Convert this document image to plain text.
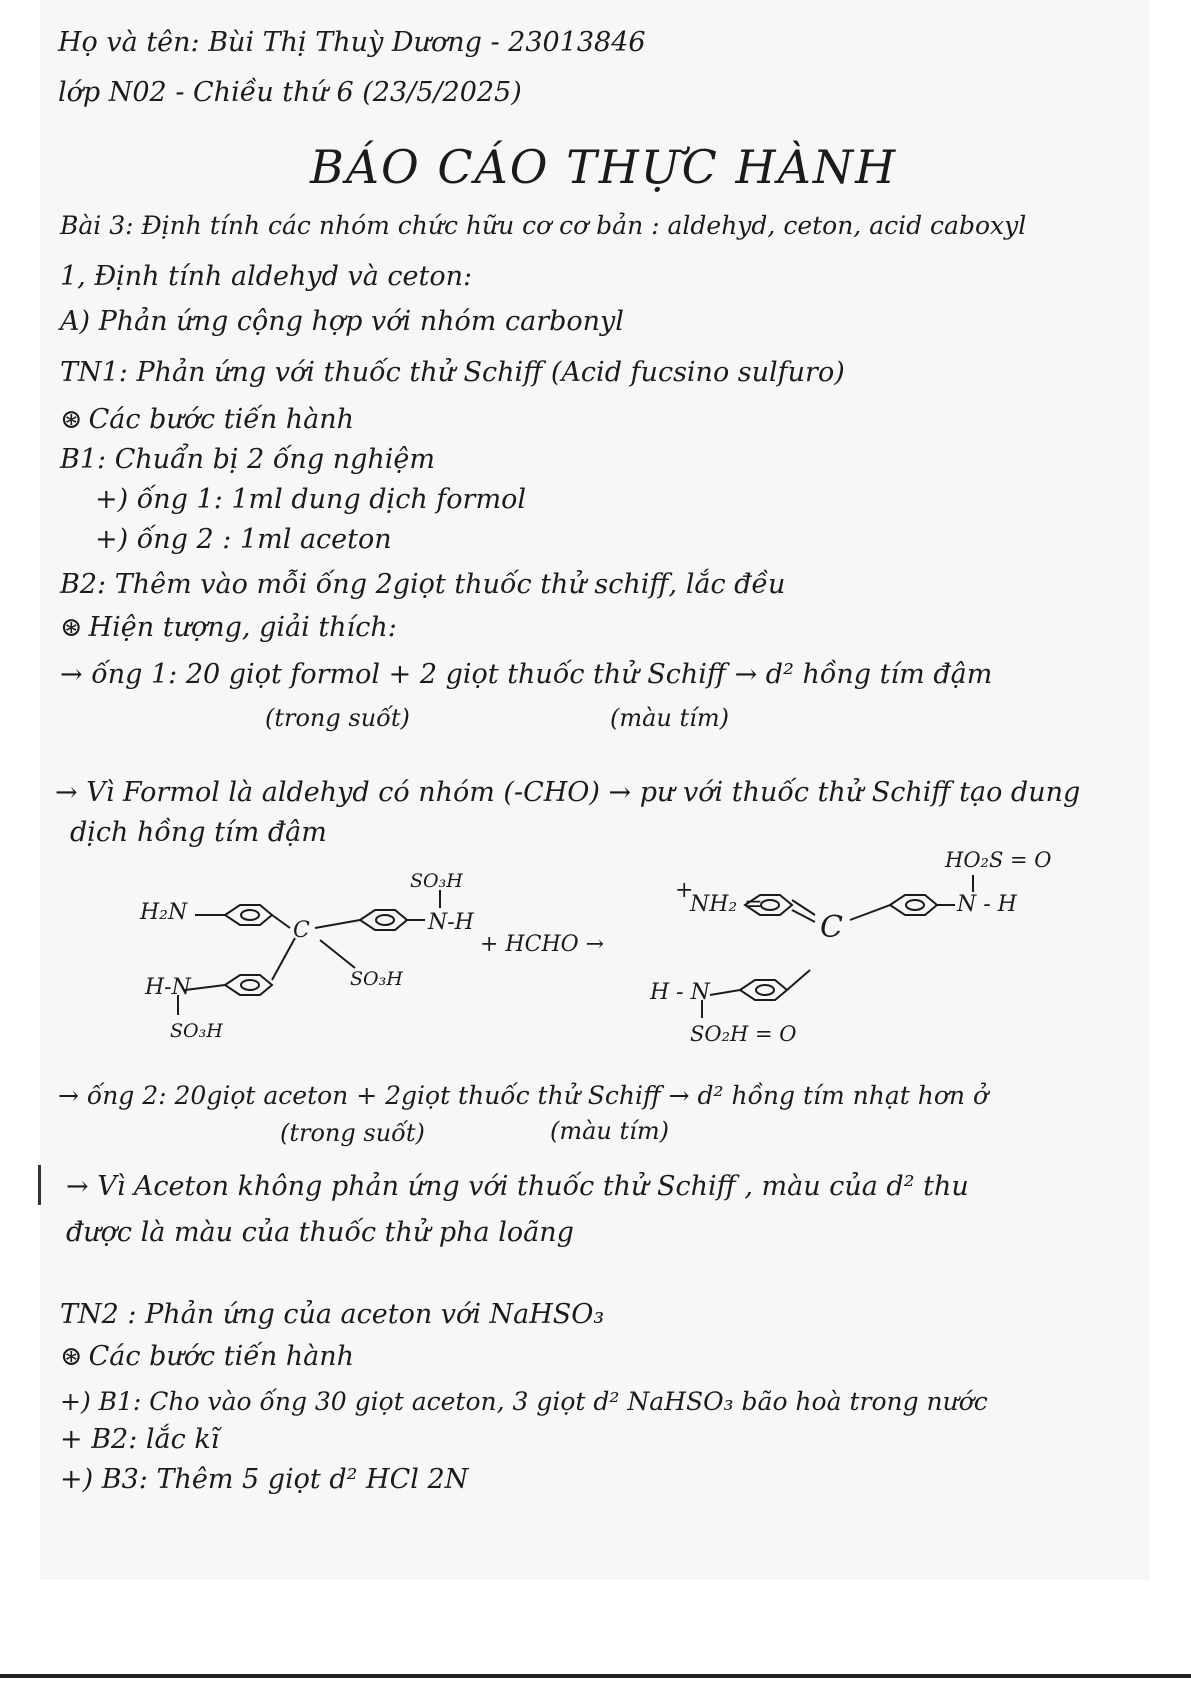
Họ và tên: Bùi Thị Thuỳ Dương - 23013846
lớp N02 - Chiều thứ 6 (23/5/2025)
BÁO CÁO THỰC HÀNH
Bài 3: Định tính các nhóm chức hữu cơ cơ bản : aldehyd, ceton, acid caboxyl
1, Định tính aldehyd và ceton:
A) Phản ứng cộng hợp với nhóm carbonyl
TN1: Phản ứng với thuốc thử Schiff (Acid fucsino sulfuro)
⊛ Các bước tiến hành
B1: Chuẩn bị 2 ống nghiệm
+) ống 1: 1ml dung dịch formol
+) ống 2 : 1ml aceton
B2: Thêm vào mỗi ống 2giọt thuốc thử schiff, lắc đều
⊛ Hiện tượng, giải thích:
→ ống 1: 20 giọt formol + 2 giọt thuốc thử Schiff → d² hồng tím đậm
(trong suốt)	(màu tím)
→ Vì Formol là aldehyd có nhóm (-CHO) → pư với thuốc thử Schiff tạo dung
dịch hồng tím đậm
H₂N
C
SO₃H
N-H
SO₃H
H-N
SO₃H
+ HCHO →
+
NH₂ =
C
HO₂S = O
N - H
H - N
SO₂H = O
→ ống 2: 20giọt aceton + 2giọt thuốc thử Schiff → d² hồng tím nhạt hơn ở
(trong suốt)	(màu tím)
→ Vì Aceton không phản ứng với thuốc thử Schiff , màu của d² thu
được là màu của thuốc thử pha loãng
TN2 : Phản ứng của aceton với NaHSO₃
⊛ Các bước tiến hành
+) B1: Cho vào ống 30 giọt aceton, 3 giọt d² NaHSO₃ bão hoà trong nước
+ B2: lắc kĩ
+) B3: Thêm 5 giọt d² HCl 2N
